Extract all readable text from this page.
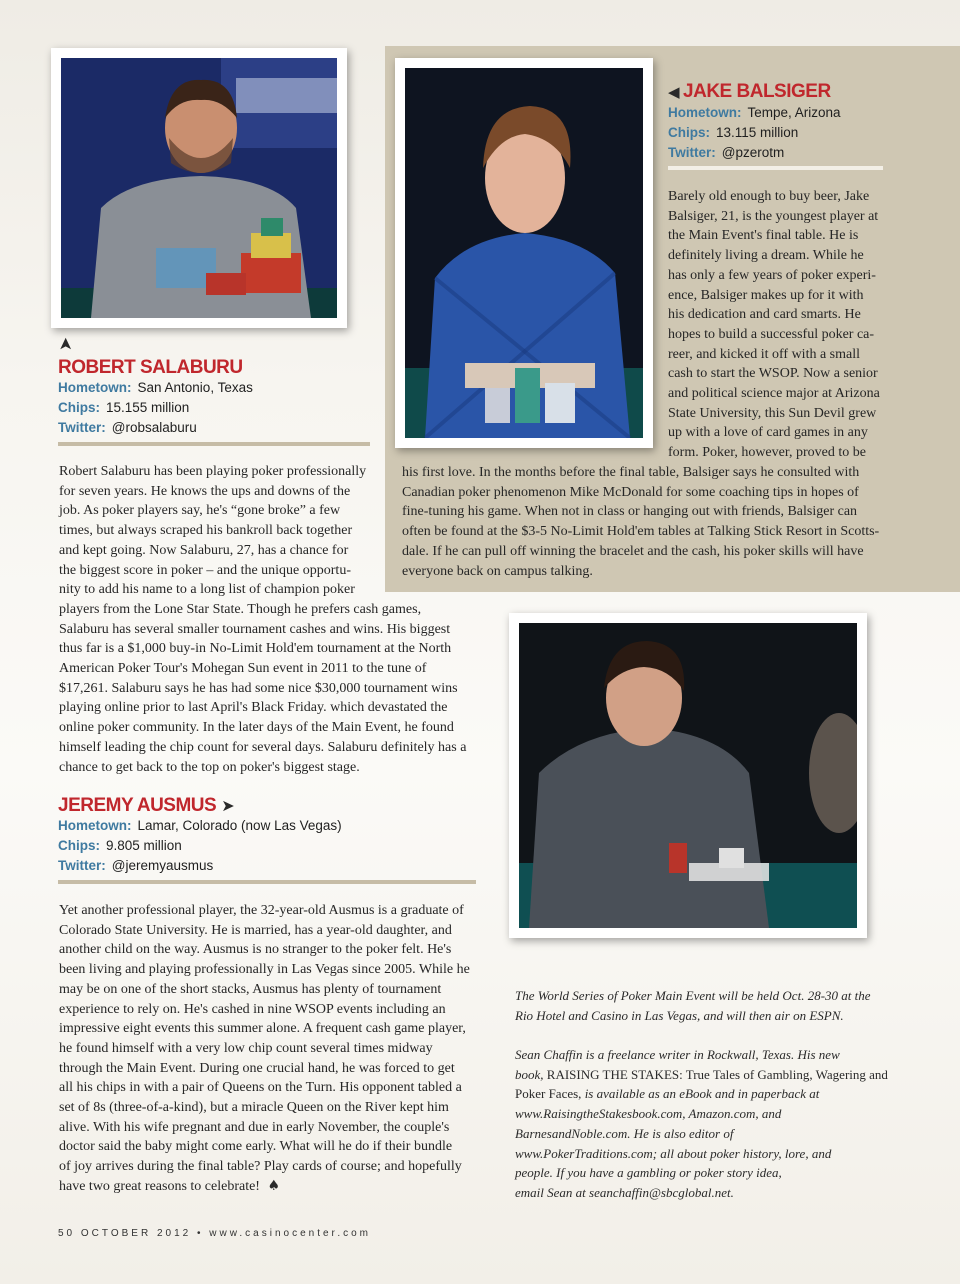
➤
ROBERT SALABURU
Hometown: San Antonio, Texas
Chips: 15.155 million
Twitter: @robsalaburu
Robert Salaburu has been playing poker professionally
for seven years. He knows the ups and downs of the
job. As poker players say, he's “gone broke” a few
times, but always scraped his bankroll back together
and kept going. Now Salaburu, 27, has a chance for
the biggest score in poker – and the unique opportu-
nity to add his name to a long list of champion poker
players from the Lone Star State. Though he prefers cash games,
Salaburu has several smaller tournament cashes and wins. His biggest
thus far is a $1,000 buy-in No-Limit Hold'em tournament at the North
American Poker Tour's Mohegan Sun event in 2011 to the tune of
$17,261. Salaburu says he has had some nice $30,000 tournament wins
playing online prior to last April's Black Friday. which devastated the
online poker community. In the later days of the Main Event, he found
himself leading the chip count for several days. Salaburu definitely has a
chance to get back to the top on poker's biggest stage.
◀ JAKE BALSIGER
Hometown: Tempe, Arizona
Chips: 13.115 million
Twitter: @pzerotm
Barely old enough to buy beer, Jake
Balsiger, 21, is the youngest player at
the Main Event's final table. He is
definitely living a dream. While he
has only a few years of poker experi-
ence, Balsiger makes up for it with
his dedication and card smarts. He
hopes to build a successful poker ca-
reer, and kicked it off with a small
cash to start the WSOP. Now a senior
and political science major at Arizona
State University, this Sun Devil grew
up with a love of card games in any
form. Poker, however, proved to be
his first love. In the months before the final table, Balsiger says he consulted with
Canadian poker phenomenon Mike McDonald for some coaching tips in hopes of
fine-tuning his game. When not in class or hanging out with friends, Balsiger can
often be found at the $3-5 No-Limit Hold'em tables at Talking Stick Resort in Scotts-
dale. If he can pull off winning the bracelet and the cash, his poker skills will have
everyone back on campus talking.
JEREMY AUSMUS ➤
Hometown: Lamar, Colorado (now Las Vegas)
Chips: 9.805 million
Twitter: @jeremyausmus
Yet another professional player, the 32-year-old Ausmus is a graduate of
Colorado State University. He is married, has a year-old daughter, and
another child on the way. Ausmus is no stranger to the poker felt. He's
been living and playing professionally in Las Vegas since 2005. While he
may be on one of the short stacks, Ausmus has plenty of tournament
experience to rely on. He's cashed in nine WSOP events including an
impressive eight events this summer alone. A frequent cash game player,
he found himself with a very low chip count several times midway
through the Main Event. During one crucial hand, he was forced to get
all his chips in with a pair of Queens on the Turn. His opponent tabled a
set of 8s (three-of-a-kind), but a miracle Queen on the River kept him
alive. With his wife pregnant and due in early November, the couple's
doctor said the baby might come early. What will he do if their bundle
of joy arrives during the final table? Play cards of course; and hopefully
have two great reasons to celebrate! ♠
The World Series of Poker Main Event will be held Oct. 28-30 at the
Rio Hotel and Casino in Las Vegas, and will then air on ESPN.
Sean Chaffin is a freelance writer in Rockwall, Texas. His new
book, RAISING THE STAKES: True Tales of Gambling, Wagering and
Poker Faces, is available as an eBook and in paperback at
www.RaisingtheStakesbook.com, Amazon.com, and
BarnesandNoble.com. He is also editor of
www.PokerTraditions.com; all about poker history, lore, and
people. If you have a gambling or poker story idea,
email Sean at seanchaffin@sbcglobal.net.
50 OCTOBER 2012 • www.casinocenter.com
